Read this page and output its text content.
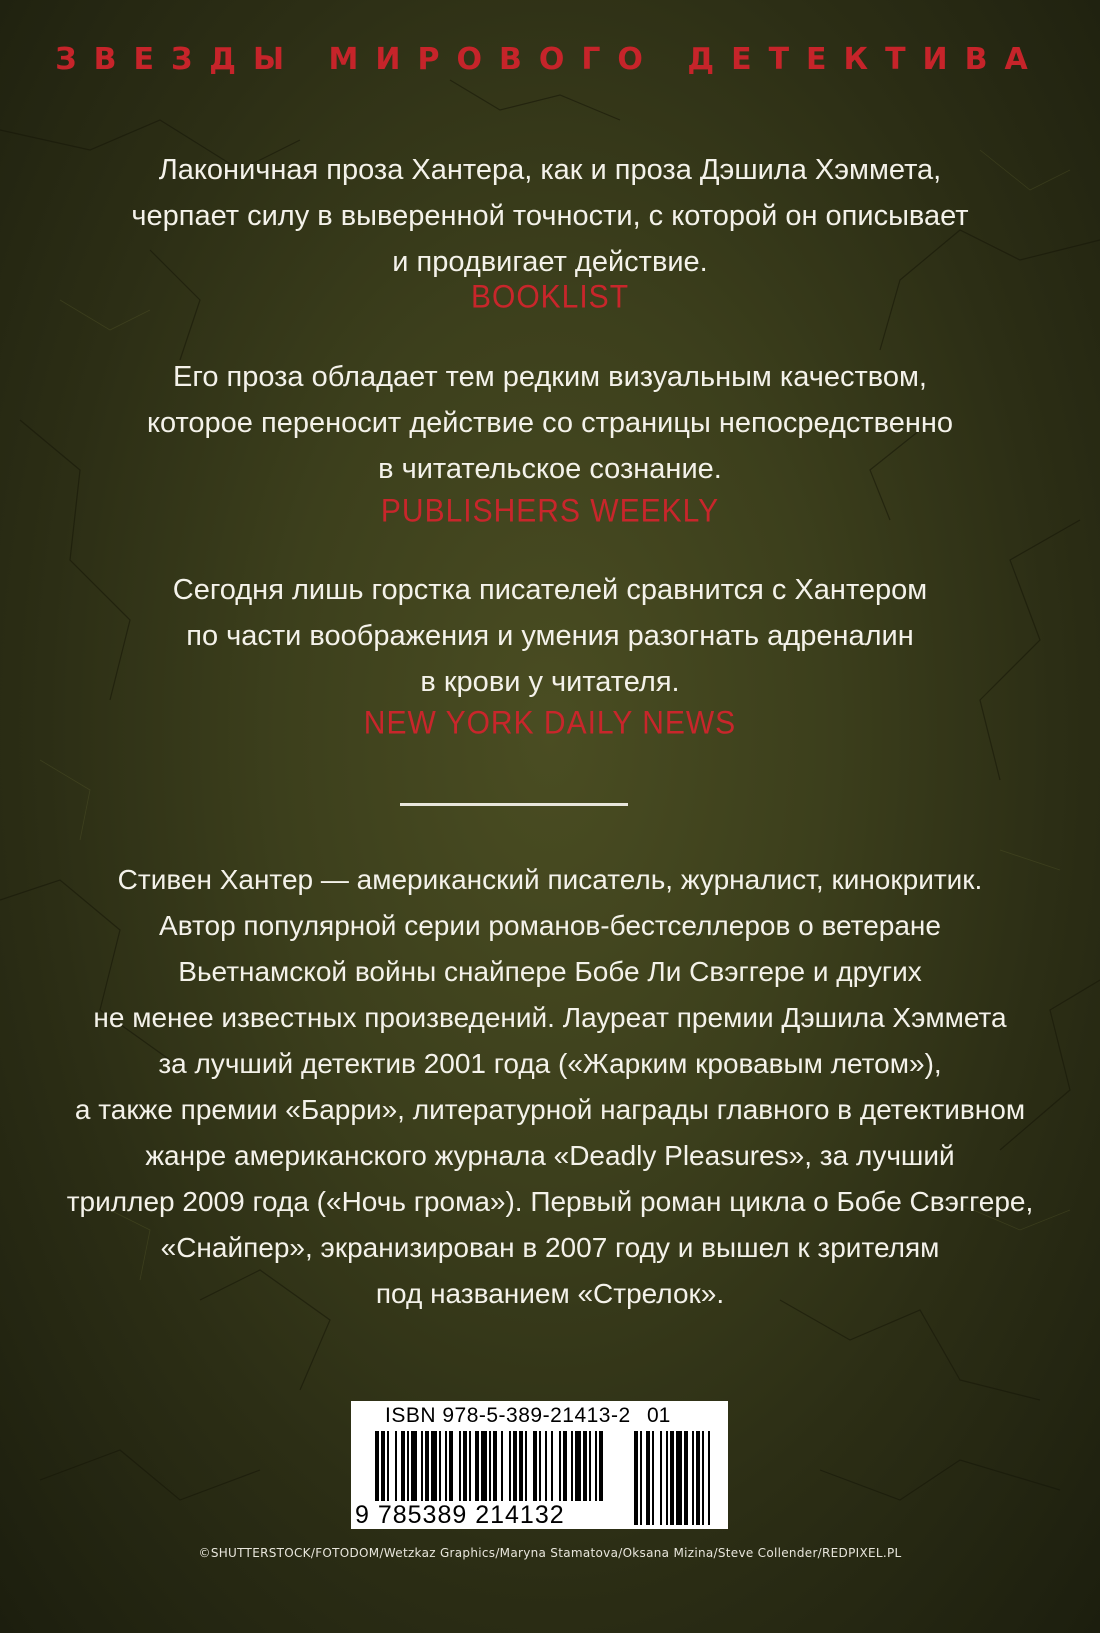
ЗВЕЗДЫ МИРОВОГО ДЕТЕКТИВА

Лаконичная проза Хантера, как и проза Дэшила Хэммета,
черпает силу в выверенной точности, с которой он описывает
и продвигает действие.

BOOKLIST

Его проза обладает тем редким визуальным качеством,
которое переносит действие со страницы непосредственно
в читательское сознание.

PUBLISHERS WEEKLY

Сегодня лишь горстка писателей сравнится с Хантером
по части воображения и умения разогнать адреналин
в крови у читателя.

NEW YORK DAILY NEWS

Стивен Хантер — американский писатель, журналист, кинокритик.
Автор популярной серии романов-бестселлеров о ветеране
Вьетнамской войны снайпере Бобе Ли Свэггере и других
не менее известных произведений. Лауреат премии Дэшила Хэммета
за лучший детектив 2001 года («Жарким кровавым летом»),
а также премии «Барри», литературной награды главного в детективном
жанре американского журнала «Deadly Pleasures», за лучший
триллер 2009 года («Ночь грома»). Первый роман цикла о Бобе Свэггере,
«Снайпер», экранизирован в 2007 году и вышел к зрителям
под названием «Стрелок».

ISBN 978-5-389-21413-2 01
9 785389 214132

©SHUTTERSTOCK/FOTODOM/Wetzkaz Graphics/Maryna Stamatova/Oksana Mizina/Steve Collender/REDPIXEL.PL
